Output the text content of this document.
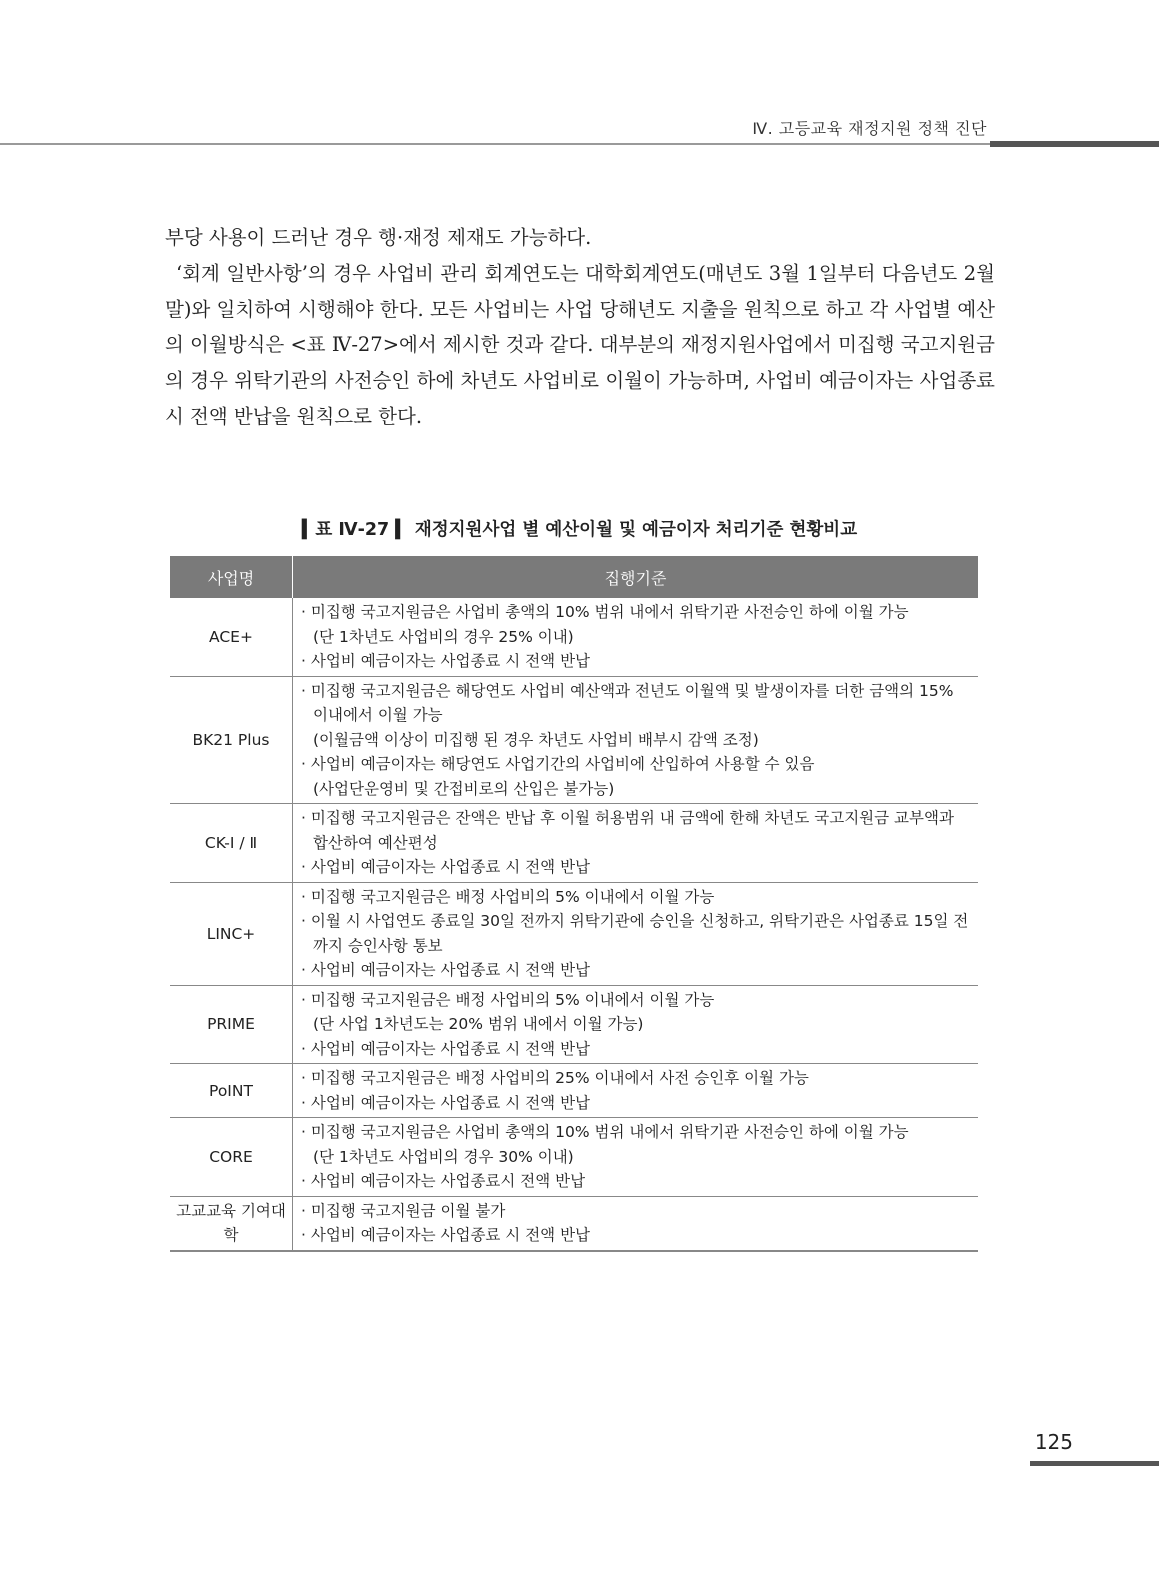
Ⅳ. 고등교육 재정지원 정책 진단

부당 사용이 드러난 경우 행·재정 제재도 가능하다.

‘회계 일반사항’의 경우 사업비 관리 회계연도는 대학회계연도(매년도 3월 1일부터 다음년도 2월말)와 일치하여 시행해야 한다. 모든 사업비는 사업 당해년도 지출을 원칙으로 하고 각 사업별 예산의 이월방식은 <표 Ⅳ-27>에서 제시한 것과 같다. 대부분의 재정지원사업에서 미집행 국고지원금의 경우 위탁기관의 사전승인 하에 차년도 사업비로 이월이 가능하며, 사업비 예금이자는 사업종료 시 전액 반납을 원칙으로 한다.

▍표 Ⅳ-27 ▍ 재정지원사업 별 예산이월 및 예금이자 처리기준 현황비교
사업명	집행기준
ACE+	· 미집행 국고지원금은 사업비 총액의 10% 범위 내에서 위탁기관 사전승인 하에 이월 가능
(단 1차년도 사업비의 경우 25% 이내)
· 사업비 예금이자는 사업종료 시 전액 반납

BK21 Plus	· 미집행 국고지원금은 해당연도 사업비 예산액과 전년도 이월액 및 발생이자를 더한 금액의 15% 이내에서 이월 가능
(이월금액 이상이 미집행 된 경우 차년도 사업비 배부시 감액 조정)
· 사업비 예금이자는 해당연도 사업기간의 사업비에 산입하여 사용할 수 있음
(사업단운영비 및 간접비로의 산입은 불가능)

CK-Ⅰ / Ⅱ	· 미집행 국고지원금은 잔액은 반납 후 이월 허용범위 내 금액에 한해 차년도 국고지원금 교부액과 합산하여 예산편성
· 사업비 예금이자는 사업종료 시 전액 반납

LINC+	· 미집행 국고지원금은 배정 사업비의 5% 이내에서 이월 가능
· 이월 시 사업연도 종료일 30일 전까지 위탁기관에 승인을 신청하고, 위탁기관은 사업종료 15일 전까지 승인사항 통보
· 사업비 예금이자는 사업종료 시 전액 반납

PRIME	· 미집행 국고지원금은 배정 사업비의 5% 이내에서 이월 가능
(단 사업 1차년도는 20% 범위 내에서 이월 가능)
· 사업비 예금이자는 사업종료 시 전액 반납

PoINT	· 미집행 국고지원금은 배정 사업비의 25% 이내에서 사전 승인후 이월 가능
· 사업비 예금이자는 사업종료 시 전액 반납

CORE	· 미집행 국고지원금은 사업비 총액의 10% 범위 내에서 위탁기관 사전승인 하에 이월 가능
(단 1차년도 사업비의 경우 30% 이내)
· 사업비 예금이자는 사업종료시 전액 반납

고교교육 기여대학	· 미집행 국고지원금 이월 불가
· 사업비 예금이자는 사업종료 시 전액 반납
125
